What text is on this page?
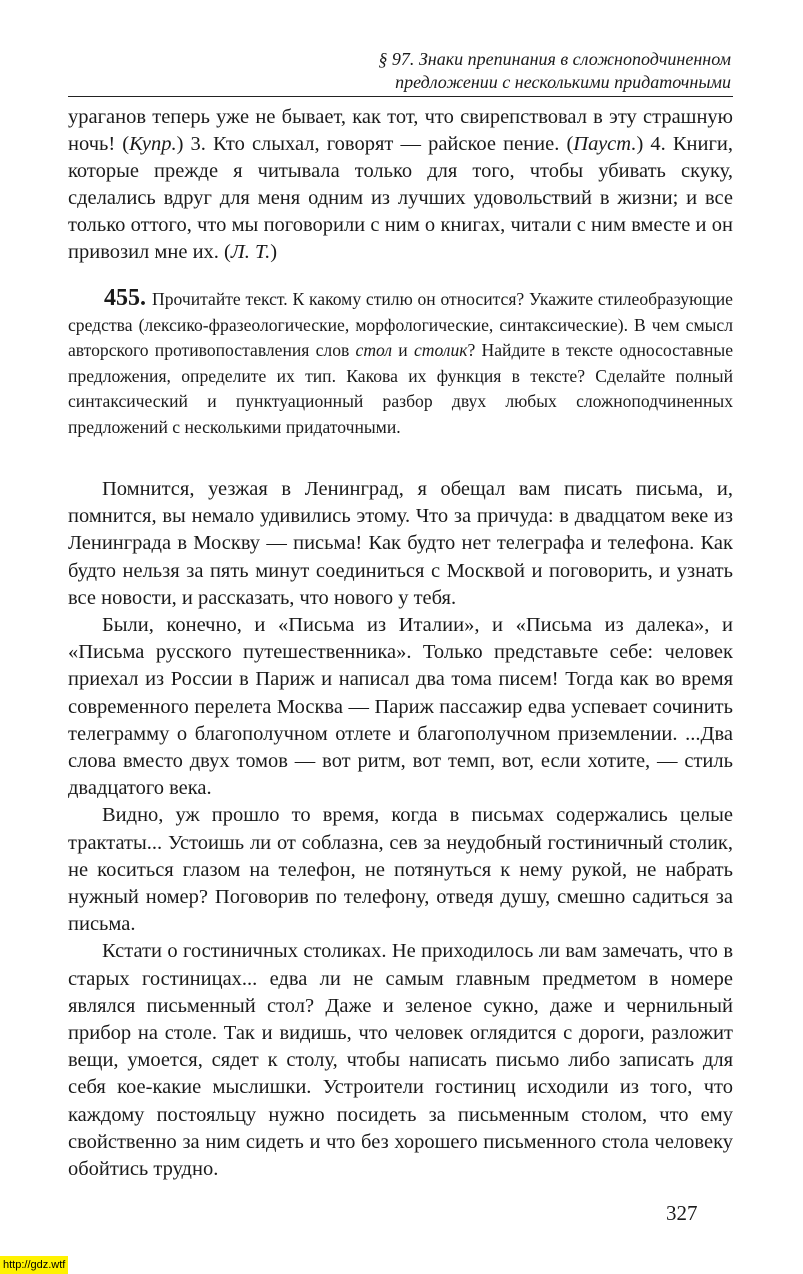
§ 97. Знаки препинания в сложноподчиненном
предложении с несколькими придаточными

ураганов теперь уже не бывает, как тот, что свирепствовал в эту страшную ночь! (Купр.) 3. Кто слыхал, говорят — райское пение. (Пауст.) 4. Книги, которые прежде я читывала только для того, чтобы убивать скуку, сделались вдруг для меня одним из лучших удовольствий в жизни; и все только оттого, что мы поговорили с ним о книгах, читали с ним вместе и он привозил мне их. (Л. Т.)

455. Прочитайте текст. К какому стилю он относится? Укажите стилеобразующие средства (лексико-фразеологические, морфологические, синтаксические). В чем смысл авторского противопоставления слов стол и столик? Найдите в тексте односоставные предложения, определите их тип. Какова их функция в тексте? Сделайте полный синтаксический и пунктуационный разбор двух любых сложноподчиненных предложений с несколькими придаточными.

Помнится, уезжая в Ленинград, я обещал вам писать письма, и, помнится, вы немало удивились этому. Что за причуда: в двадцатом веке из Ленинграда в Москву — письма! Как будто нет телеграфа и телефона. Как будто нельзя за пять минут соединиться с Москвой и поговорить, и узнать все новости, и рассказать, что нового у тебя.

Были, конечно, и «Письма из Италии», и «Письма из далека», и «Письма русского путешественника». Только представьте себе: человек приехал из России в Париж и написал два тома писем! Тогда как во время современного перелета Москва — Париж пассажир едва успевает сочинить телеграмму о благополучном отлете и благополучном приземлении. ...Два слова вместо двух томов — вот ритм, вот темп, вот, если хотите, — стиль двадцатого века.

Видно, уж прошло то время, когда в письмах содержались целые трактаты... Устоишь ли от соблазна, сев за неудобный гостиничный столик, не коситься глазом на телефон, не потянуться к нему рукой, не набрать нужный номер? Поговорив по телефону, отведя душу, смешно садиться за письма.

Кстати о гостиничных столиках. Не приходилось ли вам замечать, что в старых гостиницах... едва ли не самым главным предметом в номере являлся письменный стол? Даже и зеленое сукно, даже и чернильный прибор на столе. Так и видишь, что человек оглядится с дороги, разложит вещи, умоется, сядет к столу, чтобы написать письмо либо записать для себя кое-какие мыслишки. Устроители гостиниц исходили из того, что каждому постояльцу нужно посидеть за письменным столом, что ему свойственно за ним сидеть и что без хорошего письменного стола человеку обойтись трудно.

327
http://gdz.wtf
